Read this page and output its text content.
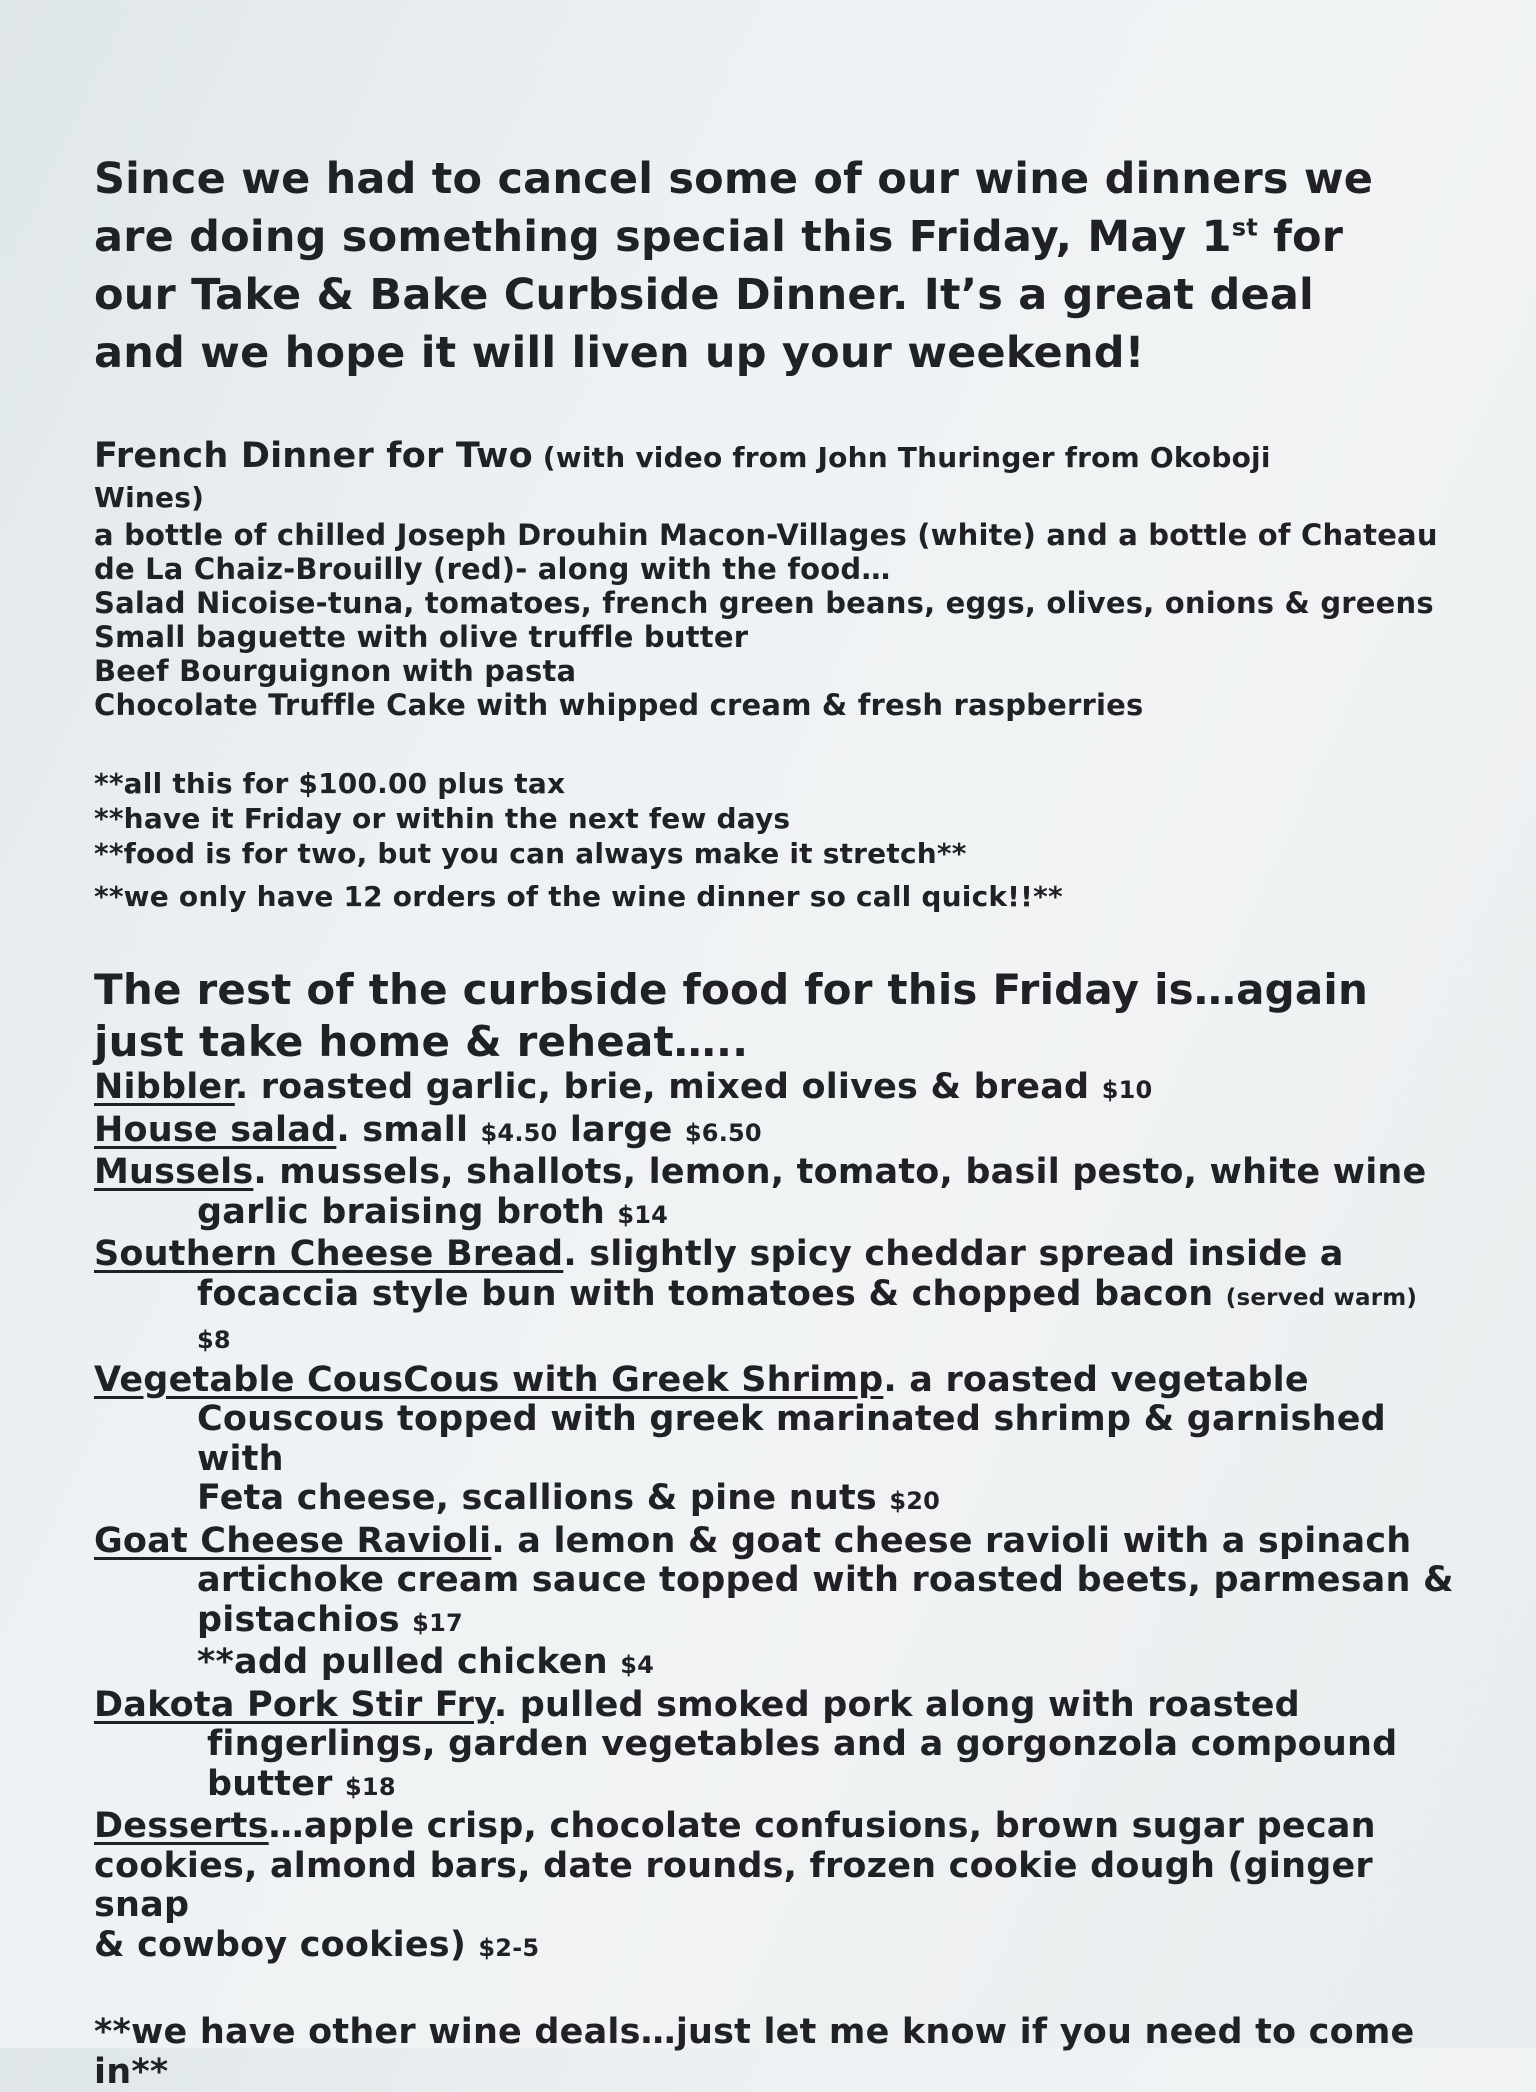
Since we had to cancel some of our wine dinners we
are doing something special this Friday, May 1st for
our Take & Bake Curbside Dinner. It’s a great deal
and we hope it will liven up your weekend!
French Dinner for Two (with video from John Thuringer from Okoboji
Wines)
a bottle of chilled Joseph Drouhin Macon-Villages (white) and a bottle of Chateau
de La Chaiz-Brouilly (red)- along with the food…
Salad Nicoise-tuna, tomatoes, french green beans, eggs, olives, onions & greens
Small baguette with olive truffle butter
Beef Bourguignon with pasta
Chocolate Truffle Cake with whipped cream & fresh raspberries
**all this for $100.00 plus tax
**have it Friday or within the next few days
**food is for two, but you can always make it stretch**
**we only have 12 orders of the wine dinner so call quick!!**
The rest of the curbside food for this Friday is…again
just take home & reheat…..
Nibbler. roasted garlic, brie, mixed olives & bread $10
House salad. small $4.50 large $6.50
Mussels. mussels, shallots, lemon, tomato, basil pesto, white wine
garlic braising broth $14
Southern Cheese Bread. slightly spicy cheddar spread inside a
focaccia style bun with tomatoes & chopped bacon (served warm) $8
Vegetable CousCous with Greek Shrimp. a roasted vegetable
Couscous topped with greek marinated shrimp & garnished with
Feta cheese, scallions & pine nuts $20
Goat Cheese Ravioli. a lemon & goat cheese ravioli with a spinach
artichoke cream sauce topped with roasted beets, parmesan &
pistachios $17
**add pulled chicken $4
Dakota Pork Stir Fry. pulled smoked pork along with roasted
fingerlings, garden vegetables and a gorgonzola compound
butter $18
Desserts…apple crisp, chocolate confusions, brown sugar pecan
cookies, almond bars, date rounds, frozen cookie dough (ginger snap
& cowboy cookies) $2-5
**we have other wine deals…just let me know if you need to come in**
